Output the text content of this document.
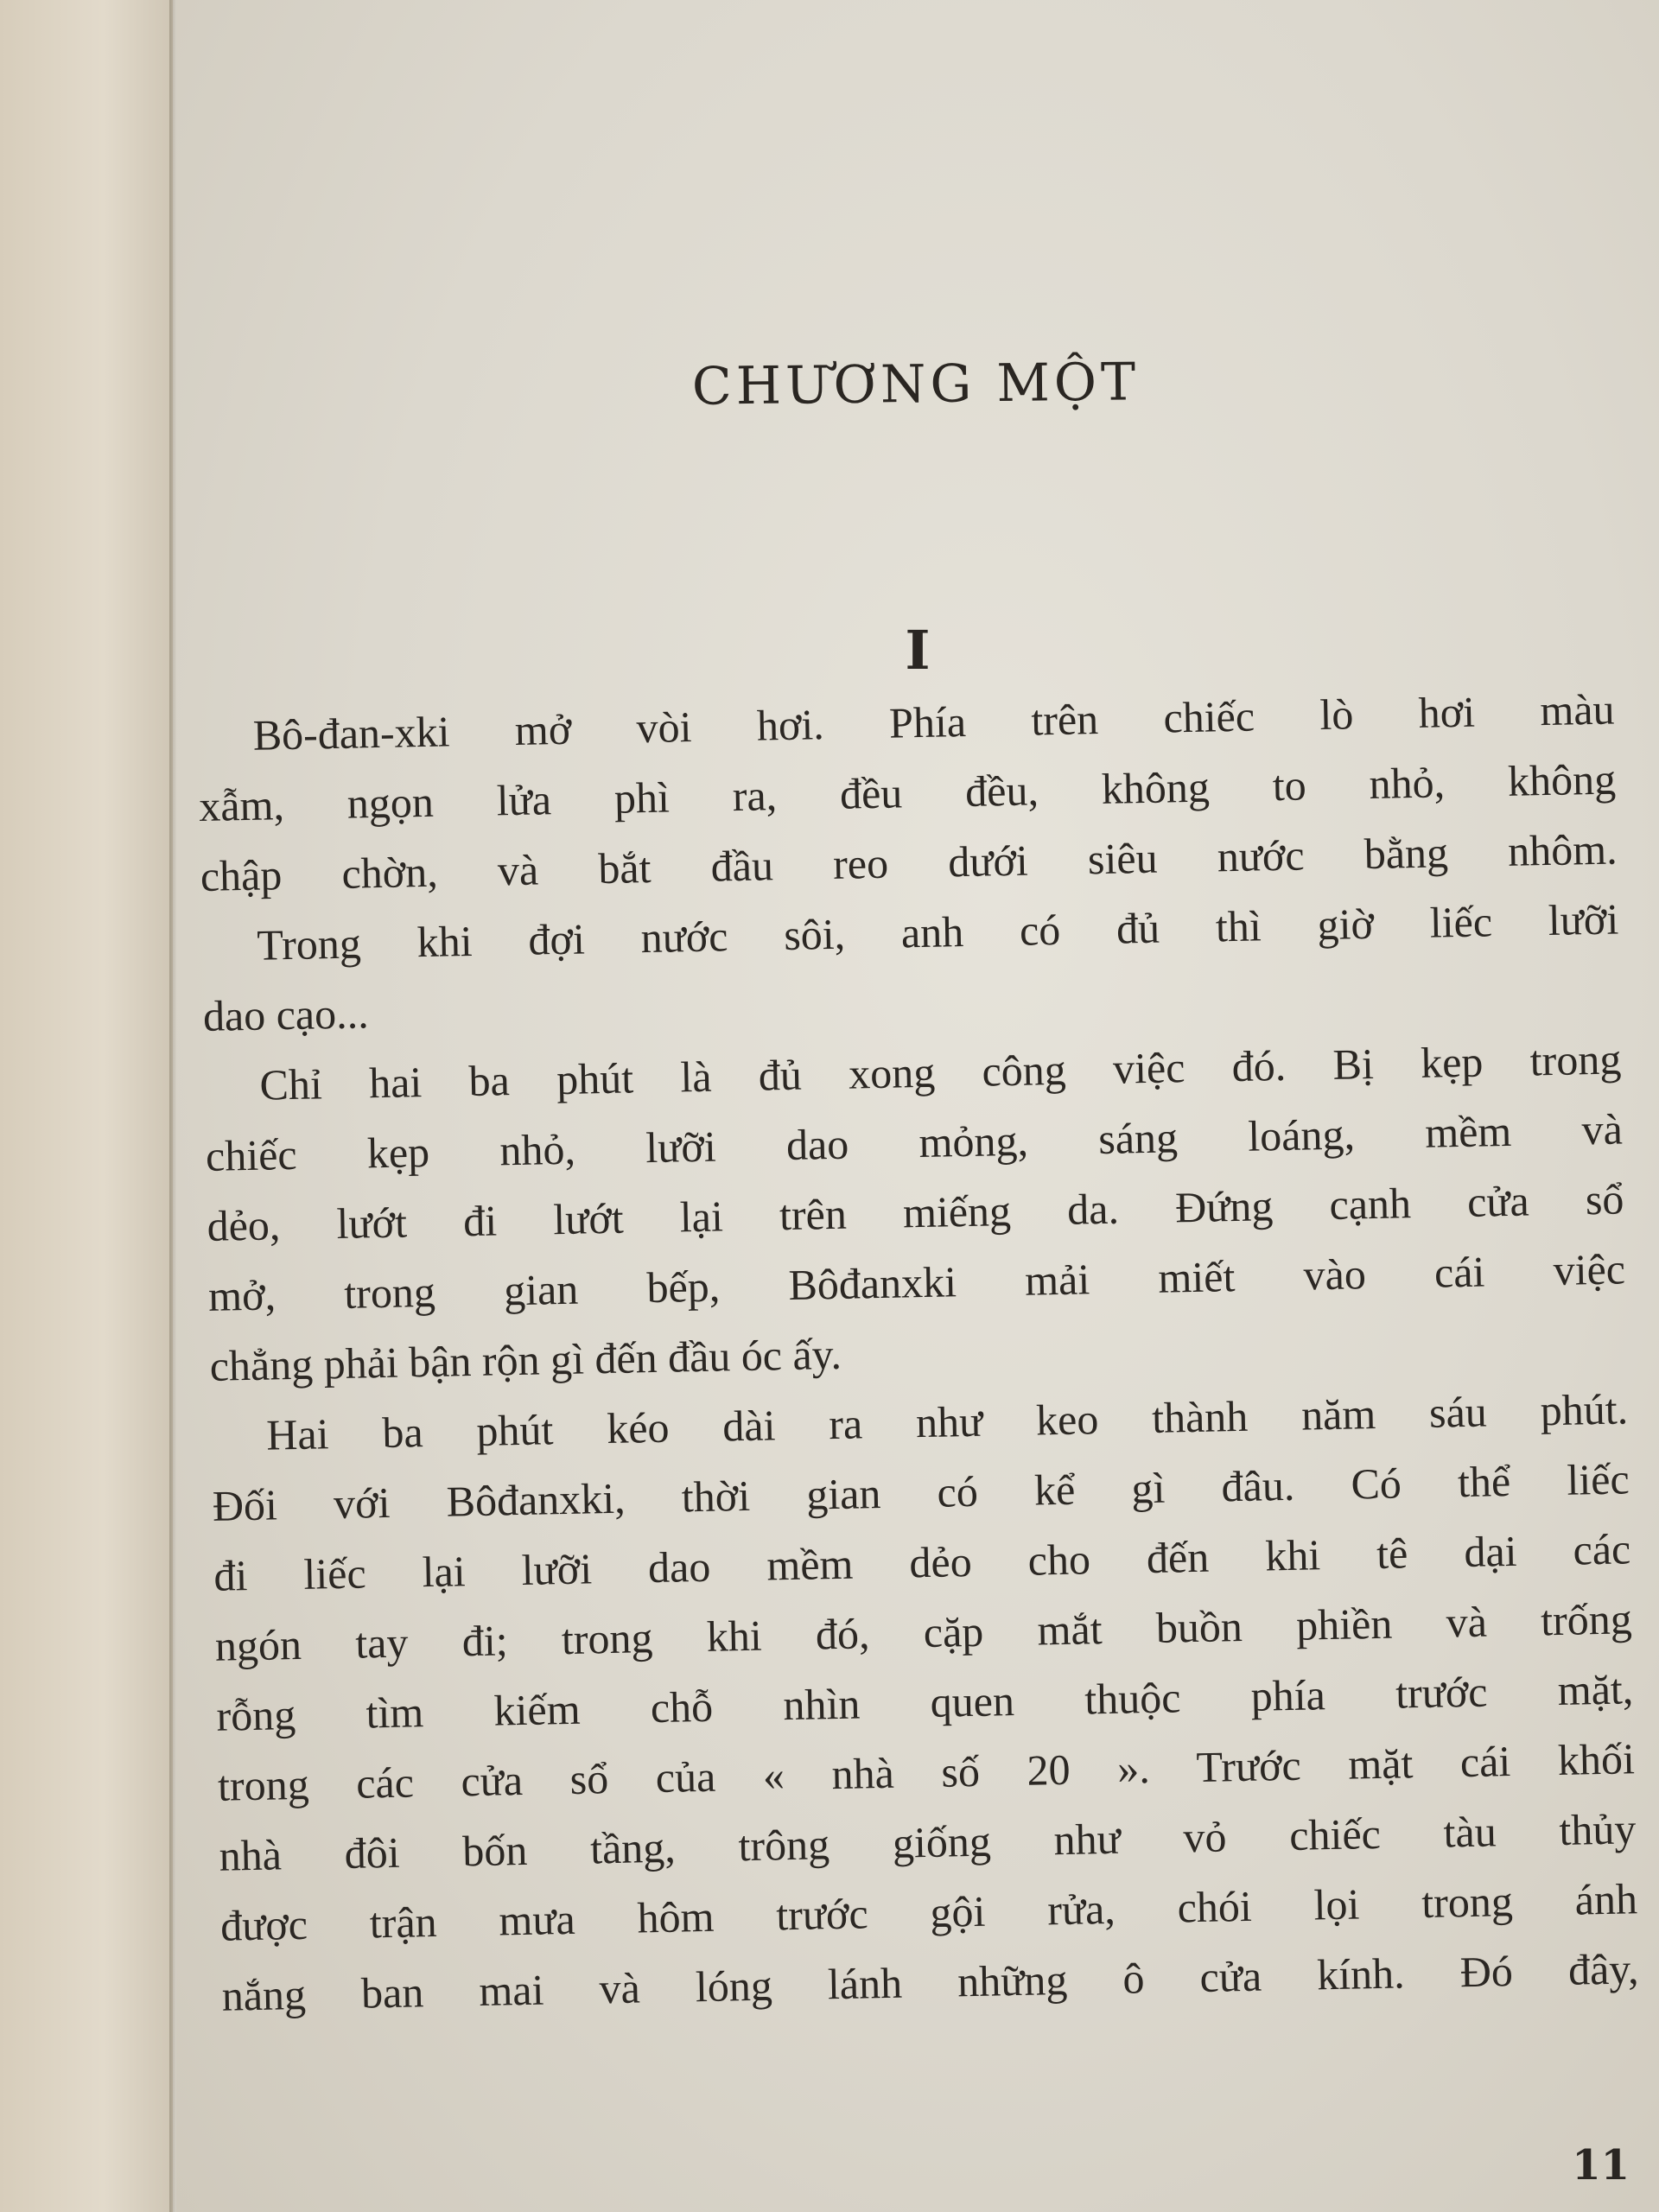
CHƯƠNG MỘT
I
Bô-đan-xki mở vòi hơi. Phía trên chiếc lò hơi màu
xẫm, ngọn lửa phì ra, đều đều, không to nhỏ, không
chập chờn, và bắt đầu reo dưới siêu nước bằng nhôm.
Trong khi đợi nước sôi, anh có đủ thì giờ liếc lưỡi
dao cạo...
Chỉ hai ba phút là đủ xong công việc đó. Bị kẹp trong
chiếc kẹp nhỏ, lưỡi dao mỏng, sáng loáng, mềm và
dẻo, lướt đi lướt lại trên miếng da. Đứng cạnh cửa sổ
mở, trong gian bếp, Bôđanxki mải miết vào cái việc
chẳng phải bận rộn gì đến đầu óc ấy.
Hai ba phút kéo dài ra như keo thành năm sáu phút.
Đối với Bôđanxki, thời gian có kể gì đâu. Có thể liếc
đi liếc lại lưỡi dao mềm dẻo cho đến khi tê dại các
ngón tay đi; trong khi đó, cặp mắt buồn phiền và trống
rỗng tìm kiếm chỗ nhìn quen thuộc phía trước mặt,
trong các cửa sổ của « nhà số 20 ». Trước mặt cái khối
nhà đôi bốn tầng, trông giống như vỏ chiếc tàu thủy
được trận mưa hôm trước gội rửa, chói lọi trong ánh
nắng ban mai và lóng lánh những ô cửa kính. Đó đây,
11
